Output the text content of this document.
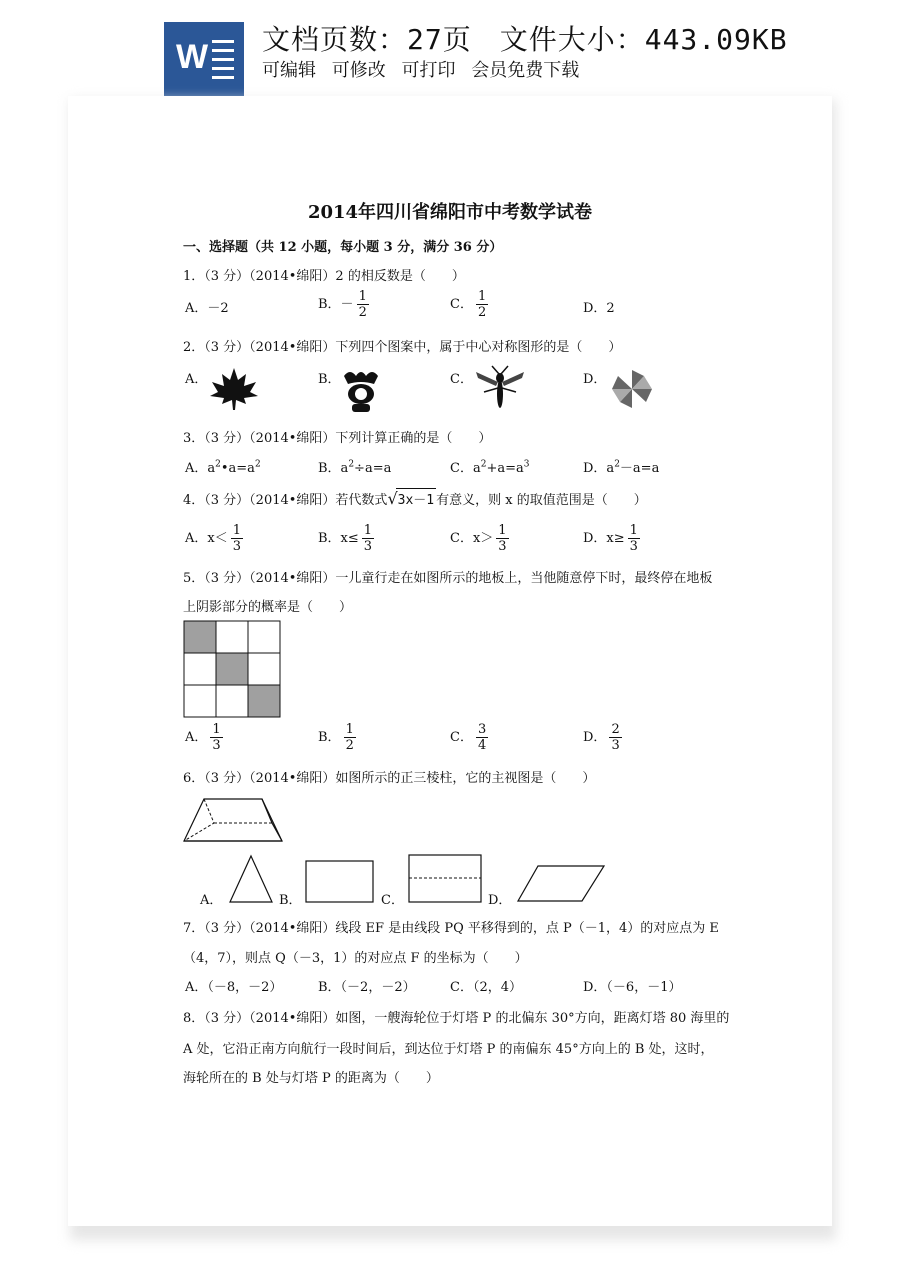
W 文档页数：27页 文件大小：443.09KB
可编辑 可修改 可打印 会员免费下载
2014年四川省绵阳市中考数学试卷
一、选择题（共 12 小题，每小题 3 分，满分 36 分）
1．（3 分）（2014•绵阳）2 的相反数是（　　）
A．－2	B．－ $\frac{1}{2}$	C． $\frac{1}{2}$	D．2
2．（3 分）（2014•绵阳）下列四个图案中，属于中心对称图形的是（　　）
A．	B．	C．	D．
3．（3 分）（2014•绵阳）下列计算正确的是（　　）
A．$a^2•a=a^2$	B．$a^2\div a=a$	C．$a^2+a=a^3$	D．$a^2-a=a$
4．（3 分）（2014•绵阳）若代数式√3x－1 有意义，则 x 的取值范围是（　　）
A．$x< \frac{1}{3}$	B．$x\le \frac{1}{3}$	C．$x> \frac{1}{3}$	D．$x\ge \frac{1}{3}$
5．（3 分）（2014•绵阳）一儿童行走在如图所示的地板上，当他随意停下时，最终停在地板
上阴影部分的概率是（　　）
A． $\frac{1}{3}$	B． $\frac{1}{2}$	C． $\frac{3}{4}$	D． $\frac{2}{3}$
6．（3 分）（2014•绵阳）如图所示的正三棱柱，它的主视图是（　　）
A．	B．	C．	D．
7．（3 分）（2014•绵阳）线段 EF 是由线段 PQ 平移得到的，点 P（－1，4）的对应点为 E
（4，7），则点 Q（－3，1）的对应点 F 的坐标为（　　）
A．（－8，－2）	B．（－2，－2）	C．（2，4）	D．（－6，－1）
8．（3 分）（2014•绵阳）如图，一艘海轮位于灯塔 P 的北偏东 30°方向，距离灯塔 80 海里的
A 处，它沿正南方向航行一段时间后，到达位于灯塔 P 的南偏东 45°方向上的 B 处，这时，
海轮所在的 B 处与灯塔 P 的距离为（　　）
